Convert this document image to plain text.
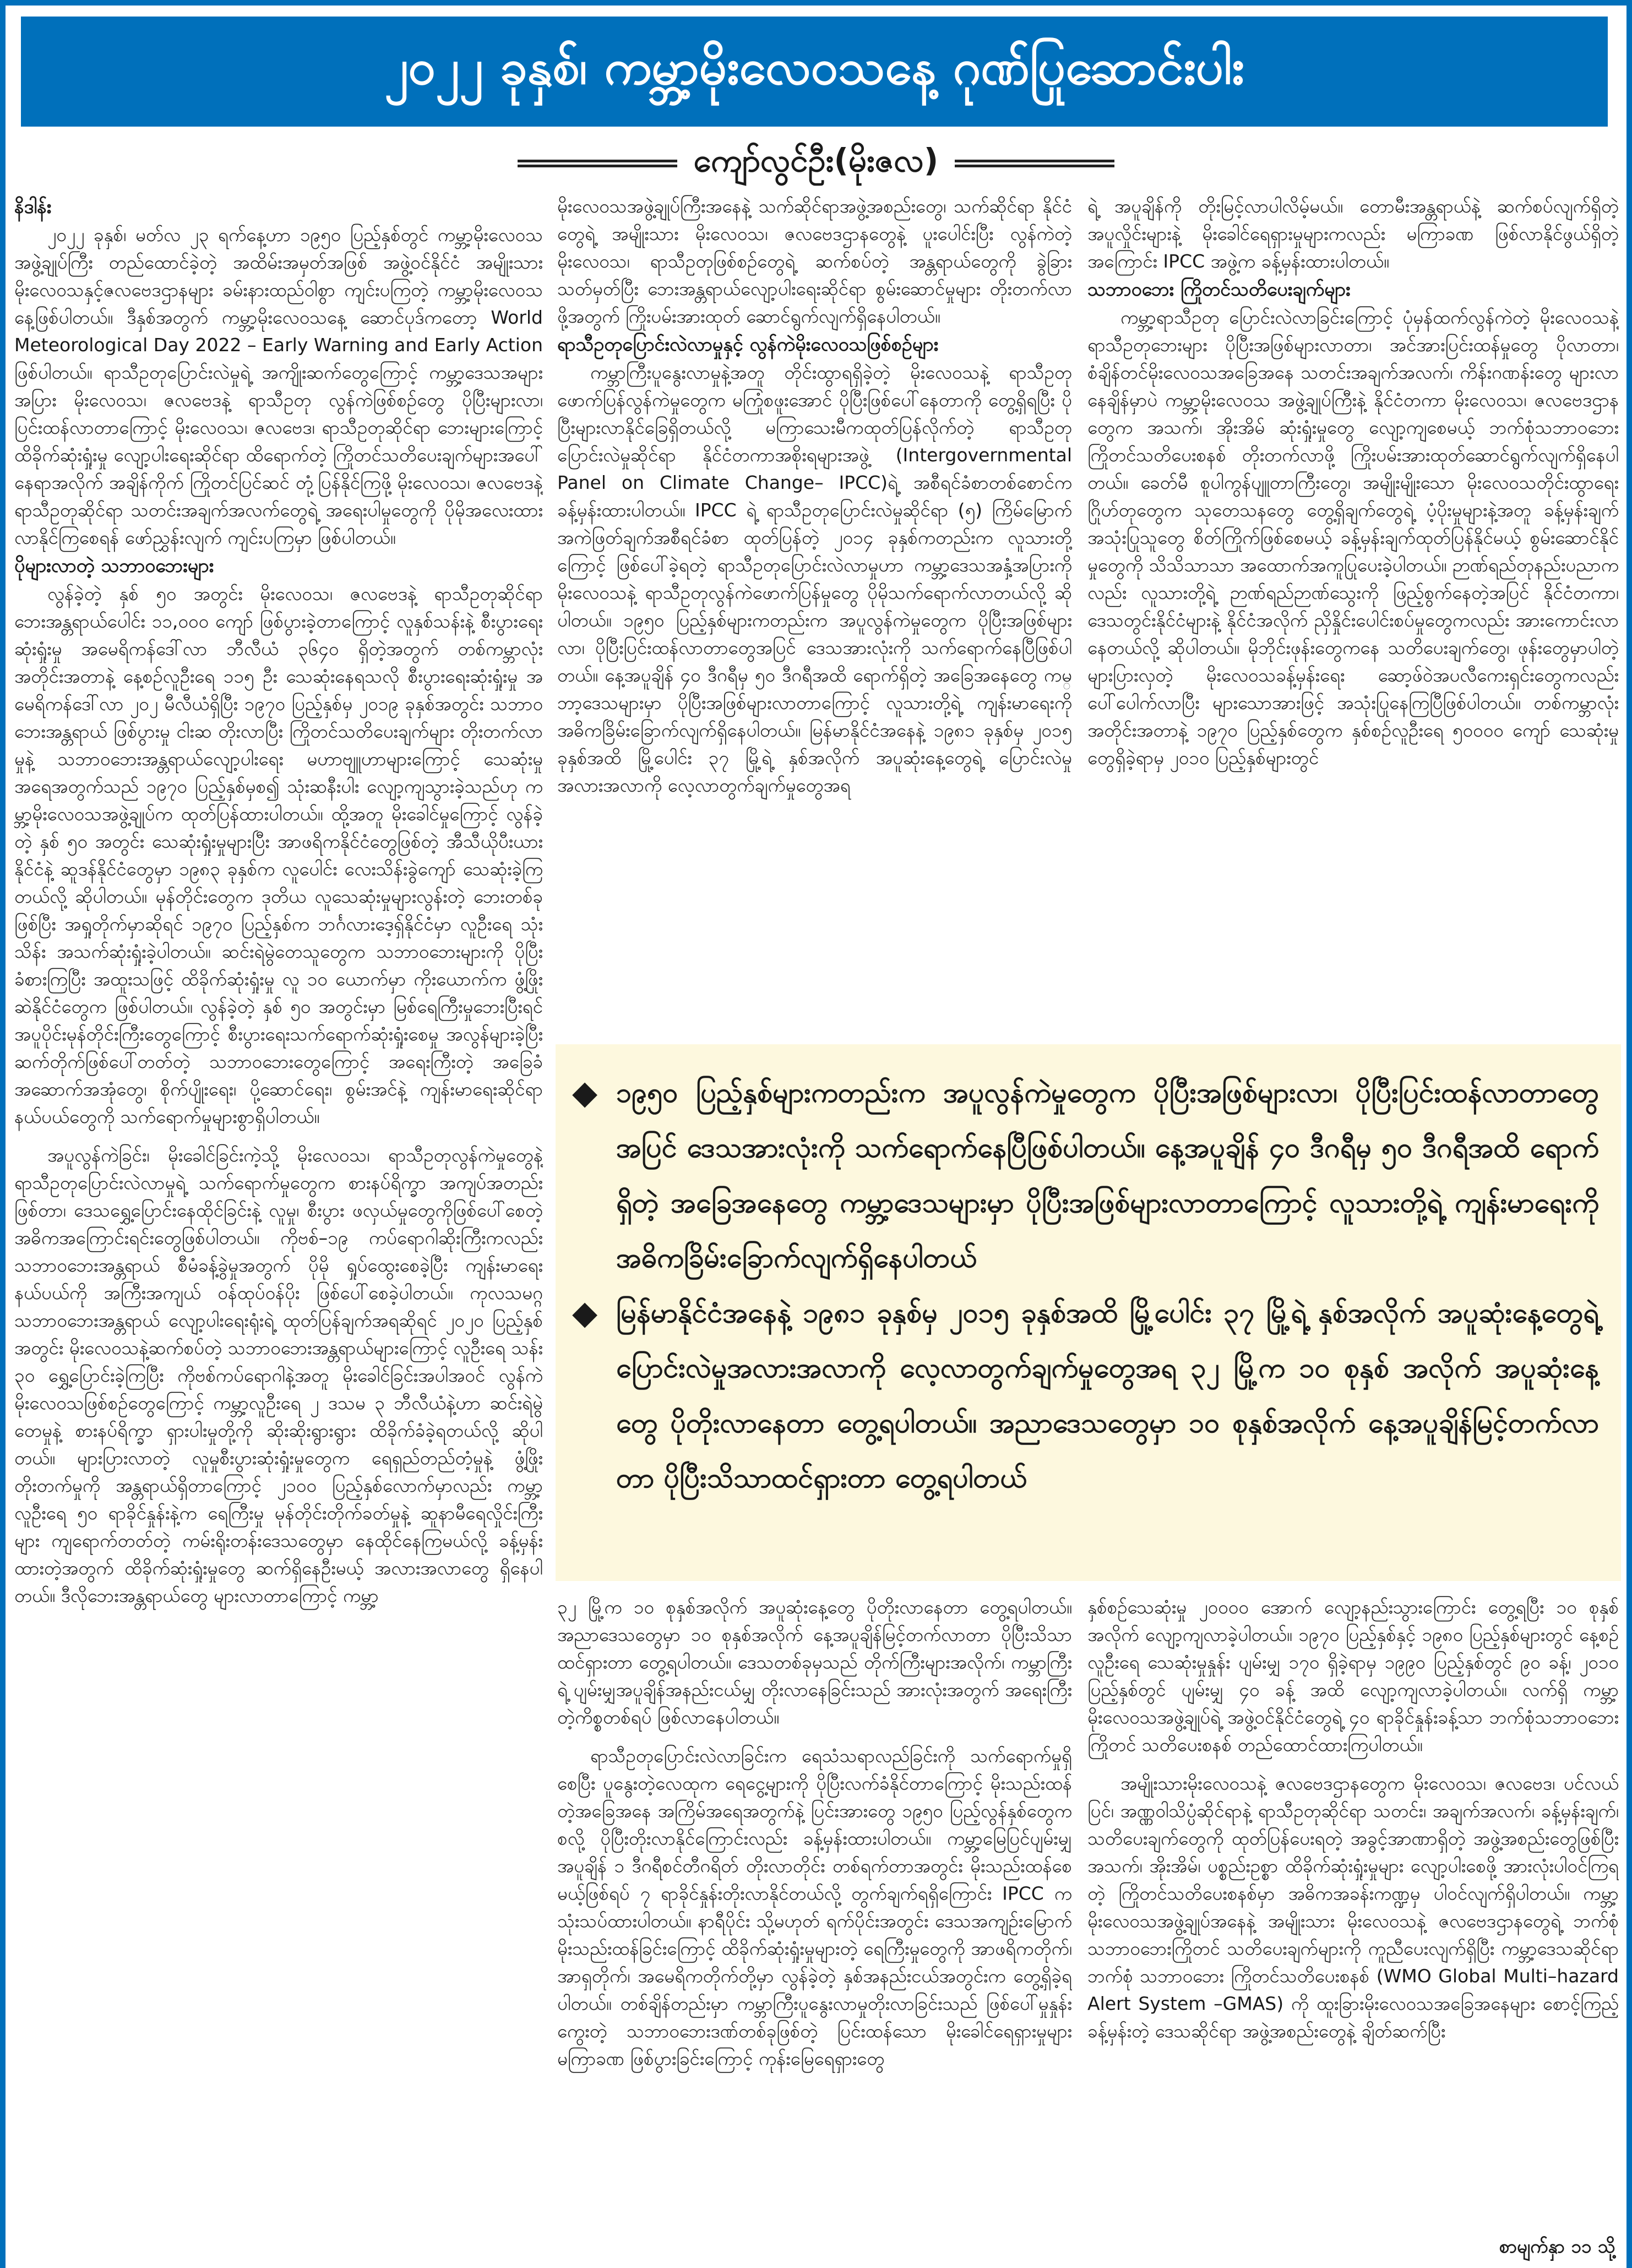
၂၀၂၂ ခုနှစ်၊ ကမ္ဘာ့မိုးလေဝသနေ့ ဂုဏ်ပြုဆောင်းပါး
ကျော်လွင်ဦး(မိုးဇလ)
နိဒါန်း

၂၀၂၂ ခုနှစ်၊ မတ်လ ၂၃ ရက်နေ့ဟာ ၁၉၅၀ ပြည့်နှစ်တွင် ကမ္ဘာ့မိုးလေဝသအဖွဲ့ချုပ်ကြီး တည်ထောင်ခဲ့တဲ့ အထိမ်းအမှတ်အဖြစ် အဖွဲ့ဝင်နိုင်ငံ အမျိုးသားမိုးလေဝသနှင့်ဇလဗေဒဌာနများ ခမ်းနားထည်ဝါစွာ ကျင်းပကြတဲ့ ကမ္ဘာ့မိုးလေဝသနေ့ဖြစ်ပါတယ်။ ဒီနှစ်အတွက် ကမ္ဘာ့မိုးလေဝသနေ့ ဆောင်ပုဒ်ကတော့ World Meteorological Day 2022 – Early Warning and Early Action ဖြစ်ပါတယ်။ ရာသီဥတုပြောင်းလဲမှုရဲ့ အကျိုးဆက်တွေကြောင့် ကမ္ဘာ့ဒေသအများအပြား မိုးလေဝသ၊ ဇလဗေဒနဲ့ ရာသီဥတု လွန်ကဲဖြစ်စဉ်တွေ ပိုပြီးများလာ၊ ပြင်းထန်လာတာကြောင့် မိုးလေဝသ၊ ဇလဗေဒ၊ ရာသီဥတုဆိုင်ရာ ဘေးများကြောင့် ထိခိုက်ဆုံးရှုံးမှု လျော့ပါးရေးဆိုင်ရာ ထိရောက်တဲ့ ကြိုတင်သတိပေးချက်များအပေါ် နေရာအလိုက် အချိန်ကိုက် ကြိုတင်ပြင်ဆင် တုံ့ပြန်နိုင်ကြဖို့ မိုးလေဝသ၊ ဇလဗေဒနဲ့ ရာသီဥတုဆိုင်ရာ သတင်းအချက်အလက်တွေရဲ့ အရေးပါမှုတွေကို ပိုမိုအလေးထားလာနိုင်ကြစေရန် ဖော်ညွှန်းလျက် ကျင်းပကြမှာ ဖြစ်ပါတယ်။

ပိုများလာတဲ့ သဘာဝဘေးများ

လွန်ခဲ့တဲ့ နှစ် ၅၀ အတွင်း မိုးလေဝသ၊ ဇလဗေဒနဲ့ ရာသီဥတုဆိုင်ရာ ဘေးအန္တရာယ်ပေါင်း ၁၁,၀၀၀ ကျော် ဖြစ်ပွားခဲ့တာကြောင့် လူနှစ်သန်းနဲ့ စီးပွားရေးဆုံးရှုံးမှု အမေရိကန်ဒေါ်လာ ဘီလီယံ ၃၆၄၀ ရှိတဲ့အတွက် တစ်ကမ္ဘာလုံးအတိုင်းအတာနဲ့ နေ့စဉ်လူဦးရေ ၁၁၅ ဦး သေဆုံးနေရသလို စီးပွားရေးဆုံးရှုံးမှု အမေရိကန်ဒေါ်လာ ၂၀၂ မီလီယံရှိပြီး ၁၉၇၀ ပြည့်နှစ်မှ ၂၀၁၉ ခုနှစ်အတွင်း သဘာဝဘေးအန္တရာယ် ဖြစ်ပွားမှု ငါးဆ တိုးလာပြီး ကြိုတင်သတိပေးချက်များ တိုးတက်လာမှုနဲ့ သဘာဝဘေးအန္တရာယ်လျော့ပါးရေး မဟာဗျူဟာများကြောင့် သေဆုံးမှုအရေအတွက်သည် ၁၉၇၀ ပြည့်နှစ်မှစ၍ သုံးဆနီးပါး လျော့ကျသွားခဲ့သည်ဟု ကမ္ဘာ့မိုးလေဝသအဖွဲ့ချုပ်က ထုတ်ပြန်ထားပါတယ်။ ထို့အတူ မိုးခေါင်မှုကြောင့် လွန်ခဲ့တဲ့ နှစ် ၅၀ အတွင်း သေဆုံးရှုံးမှုများပြီး အာဖရိကနိုင်ငံတွေဖြစ်တဲ့ အီသီယိုပီးယားနိုင်ငံနဲ့ ဆူဒန်နိုင်ငံတွေမှာ ၁၉၈၃ ခုနှစ်က လူပေါင်း လေးသိန်းခွဲကျော် သေဆုံးခဲ့ကြတယ်လို့ ဆိုပါတယ်။ မုန်တိုင်းတွေက ဒုတိယ လူသေဆုံးမှုများလွန်းတဲ့ ဘေးတစ်ခုဖြစ်ပြီး အရှုတိုက်မှာဆိုရင် ၁၉၇၀ ပြည့်နှစ်က ဘင်္ဂလားဒေ့ရှ်နိုင်ငံမှာ လူဦးရေ သုံးသိန်း အသက်ဆုံးရှုံးခဲ့ပါတယ်။ ဆင်းရဲမွဲတေသူတွေက သဘာဝဘေးများကို ပိုပြီးခံစားကြပြီး အထူးသဖြင့် ထိခိုက်ဆုံးရှုံးမှု လူ ၁၀ ယောက်မှာ ကိုးယောက်က ဖွံ့ဖြိုးဆဲနိုင်ငံတွေက ဖြစ်ပါတယ်။ လွန်ခဲ့တဲ့ နှစ် ၅၀ အတွင်းမှာ မြစ်ရေကြီးမှုဘေးပြီးရင် အပူပိုင်းမုန်တိုင်းကြီးတွေကြောင့် စီးပွားရေးသက်ရောက်ဆုံးရှုံးစေမှု အလွန်များခဲ့ပြီး ဆက်တိုက်ဖြစ်ပေါ်တတ်တဲ့ သဘာဝဘေးတွေကြောင့် အရေးကြီးတဲ့ အခြေခံအဆောက်အအုံတွေ၊ စိုက်ပျိုးရေး၊ ပို့ဆောင်ရေး၊ စွမ်းအင်နဲ့ ကျန်းမာရေးဆိုင်ရာနယ်ပယ်တွေကို သက်ရောက်မှုများစွာရှိပါတယ်။

အပူလွန်ကဲခြင်း၊ မိုးခေါင်ခြင်းကဲ့သို့ မိုးလေဝသ၊ ရာသီဥတုလွန်ကဲမှုတွေနဲ့ ရာသီဥတုပြောင်းလဲလာမှုရဲ့ သက်ရောက်မှုတွေက စားနပ်ရိက္ခာ အကျပ်အတည်းဖြစ်တာ၊ ဒေသရွှေ့ပြောင်းနေထိုင်ခြင်းနဲ့ လူမှု၊ စီးပွား ဖလှယ်မှုတွေကိုဖြစ်ပေါ်စေတဲ့ အဓိကအကြောင်းရင်းတွေဖြစ်ပါတယ်။ ကိုဗစ်–၁၉ ကပ်ရောဂါဆိုးကြီးကလည်း သဘာဝဘေးအန္တရာယ် စီမံခန့်ခွဲမှုအတွက် ပိုမို ရှုပ်ထွေးစေခဲ့ပြီး ကျန်းမာရေးနယ်ပယ်ကို အကြီးအကျယ် ဝန်ထုပ်ဝန်ပိုး ဖြစ်ပေါ်စေခဲ့ပါတယ်။ ကုလသမဂ္ဂ သဘာဝဘေးအန္တရာယ် လျော့ပါးရေးရုံးရဲ့ ထုတ်ပြန်ချက်အရဆိုရင် ၂၀၂၀ ပြည့်နှစ်အတွင်း မိုးလေဝသနဲ့ဆက်စပ်တဲ့ သဘာဝဘေးအန္တရာယ်များကြောင့် လူဦးရေ သန်း ၃၀ ရွှေ့ပြောင်းခဲ့ကြပြီး ကိုဗစ်ကပ်ရောဂါနဲ့အတူ မိုးခေါင်ခြင်းအပါအဝင် လွန်ကဲမိုးလေဝသဖြစ်စဉ်တွေကြောင့် ကမ္ဘာ့လူဦးရေ ၂ ဒသမ ၃ ဘီလီယံနဲ့ဟာ ဆင်းရဲမွဲတေမှုနဲ့ စားနပ်ရိက္ခာ ရှားပါးမှုတို့ကို ဆိုးဆိုးရွားရွား ထိခိုက်ခံခဲ့ရတယ်လို့ ဆိုပါတယ်။ များပြားလာတဲ့ လူမှုစီးပွားဆုံးရှုံးမှုတွေက ရေရှည်တည်တံ့မှုနဲ့ ဖွံ့ဖြိုးတိုးတက်မှုကို အန္တရာယ်ရှိတာကြောင့် ၂၁၀၀ ပြည့်နှစ်လောက်မှာလည်း ကမ္ဘာ့လူဦးရေ ၅၀ ရာခိုင်နှုန်းနဲ့က ရေကြီးမှု မုန်တိုင်းတိုက်ခတ်မှုနဲ့ ဆူနာမီရေလှိုင်းကြီးများ ကျရောက်တတ်တဲ့ ကမ်းရိုးတန်းဒေသတွေမှာ နေထိုင်နေကြမယ်လို့ ခန့်မှန်းထားတဲ့အတွက် ထိခိုက်ဆုံးရှုံးမှုတွေ ဆက်ရှိနေဦးမယ့် အလားအလာတွေ ရှိနေပါတယ်။ ဒီလိုဘေးအန္တရာယ်တွေ များလာတာကြောင့် ကမ္ဘာ့

မိုးလေဝသအဖွဲ့ချုပ်ကြီးအနေနဲ့ သက်ဆိုင်ရာအဖွဲ့အစည်းတွေ၊ သက်ဆိုင်ရာ နိုင်ငံတွေရဲ့ အမျိုးသား မိုးလေဝသ၊ ဇလဗေဒဌာနတွေနဲ့ ပူးပေါင်းပြီး လွန်ကဲတဲ့ မိုးလေဝသ၊ ရာသီဥတုဖြစ်စဉ်တွေရဲ့ ဆက်စပ်တဲ့ အန္တရာယ်တွေကို ခွဲခြားသတ်မှတ်ပြီး ဘေးအန္တရာယ်လျော့ပါးရေးဆိုင်ရာ စွမ်းဆောင်မှုများ တိုးတက်လာဖို့အတွက် ကြိုးပမ်းအားထုတ် ဆောင်ရွက်လျက်ရှိနေပါတယ်။

ရာသီဥတုပြောင်းလဲလာမှုနှင့် လွန်ကဲမိုးလေဝသဖြစ်စဉ်များ

ကမ္ဘာကြီးပူနွေးလာမှုနဲ့အတူ တိုင်းထွာရရှိခဲ့တဲ့ မိုးလေဝသနဲ့ ရာသီဥတုဖောက်ပြန်လွန်ကဲမှုတွေက မကြုံစဖူးအောင် ပိုပြီးဖြစ်ပေါ်နေတာကို တွေ့ရှိရပြီး ပိုပြီးများလာနိုင်ခြေရှိတယ်လို့ မကြာသေးမီကထုတ်ပြန်လိုက်တဲ့ ရာသီဥတုပြောင်းလဲမှုဆိုင်ရာ နိုင်ငံတကာအစိုးရများအဖွဲ့ (Intergovernmental Panel on Climate Change– IPCC)ရဲ့ အစီရင်ခံစာတစ်စောင်က ခန့်မှန်းထားပါတယ်။ IPCC ရဲ့ ရာသီဥတုပြောင်းလဲမှုဆိုင်ရာ (၅) ကြိမ်မြောက် အကဲဖြတ်ချက်အစီရင်ခံစာ ထုတ်ပြန်တဲ့ ၂၀၁၄ ခုနှစ်ကတည်းက လူသားတို့ကြောင့် ဖြစ်ပေါ်ခဲ့ရတဲ့ ရာသီဥတုပြောင်းလဲလာမှုဟာ ကမ္ဘာ့ဒေသအနှံ့အပြားကို မိုးလေဝသနဲ့ ရာသီဥတုလွန်ကဲဖောက်ပြန်မှုတွေ ပိုမိုသက်ရောက်လာတယ်လို့ ဆိုပါတယ်။ ၁၉၅၀ ပြည့်နှစ်များကတည်းက အပူလွန်ကဲမှုတွေက ပိုပြီးအဖြစ်များလာ၊ ပိုပြီးပြင်းထန်လာတာတွေအပြင် ဒေသအားလုံးကို သက်ရောက်နေပြီဖြစ်ပါတယ်။ နေ့အပူချိန် ၄၀ ဒီဂရီမှ ၅၀ ဒီဂရီအထိ ရောက်ရှိတဲ့ အခြေအနေတွေ ကမ္ဘာ့ဒေသများမှာ ပိုပြီးအဖြစ်များလာတာကြောင့် လူသားတို့ရဲ့ ကျန်းမာရေးကို အဓိကခြိမ်းခြောက်လျက်ရှိနေပါတယ်။ မြန်မာနိုင်ငံအနေနဲ့ ၁၉၈၁ ခုနှစ်မှ ၂၀၁၅ ခုနှစ်အထိ မြို့ပေါင်း ၃၇ မြို့ရဲ့ နှစ်အလိုက် အပူဆုံးနေ့တွေရဲ့ ပြောင်းလဲမှုအလားအလာကို လေ့လာတွက်ချက်မှုတွေအရ

ရဲ့ အပူချိန်ကို တိုးမြင့်လာပါလိမ့်မယ်။ တောမီးအန္တရာယ်နဲ့ ဆက်စပ်လျက်ရှိတဲ့ အပူလှိုင်းများနဲ့ မိုးခေါင်ရေရှားမှုများကလည်း မကြာခဏ ဖြစ်လာနိုင်ဖွယ်ရှိတဲ့အကြောင်း IPCC အဖွဲ့က ခန့်မှန်းထားပါတယ်။

သဘာဝဘေး ကြိုတင်သတိပေးချက်များ

ကမ္ဘာ့ရာသီဥတု ပြောင်းလဲလာခြင်းကြောင့် ပုံမှန်ထက်လွန်ကဲတဲ့ မိုးလေဝသနဲ့ ရာသီဥတုဘေးများ ပိုပြီးအဖြစ်များလာတာ၊ အင်အားပြင်းထန်မှုတွေ ပိုလာတာ၊ စံချိန်တင်မိုးလေဝသအခြေအနေ သတင်းအချက်အလက်၊ ကိန်းဂဏန်းတွေ များလာနေချိန်မှာပဲ ကမ္ဘာ့မိုးလေဝသ အဖွဲ့ချုပ်ကြီးနဲ့ နိုင်ငံတကာ မိုးလေဝသ၊ ဇလဗေဒဌာနတွေက အသက်၊ အိုးအိမ် ဆုံးရှုံးမှုတွေ လျော့ကျစေမယ့် ဘက်စုံသဘာဝဘေး ကြိုတင်သတိပေးစနစ် တိုးတက်လာဖို့ ကြိုးပမ်းအားထုတ်ဆောင်ရွက်လျက်ရှိနေပါတယ်။ ခေတ်မီ စူပါကွန်ပျူတာကြီးတွေ၊ အမျိုးမျိုးသော မိုးလေဝသတိုင်းထွာရေးဂြိုဟ်တုတွေက သုတေသနတွေ တွေ့ရှိချက်တွေရဲ့ ပံ့ပိုးမှုများနဲ့အတူ ခန့်မှန်းချက်အသုံးပြုသူတွေ စိတ်ကြိုက်ဖြစ်စေမယ့် ခန့်မှန်းချက်ထုတ်ပြန်နိုင်မယ့် စွမ်းဆောင်နိုင်မှုတွေကို သိသိသာသာ အထောက်အကူပြုပေးခဲ့ပါတယ်။ ဉာဏ်ရည်တုနည်းပညာကလည်း လူသားတို့ရဲ့ ဉာဏ်ရည်ဉာဏ်သွေးကို ဖြည့်စွက်နေတဲ့အပြင် နိုင်ငံတကာ၊ ဒေသတွင်းနိုင်ငံများနဲ့ နိုင်ငံအလိုက် ညှိနှိုင်းပေါင်းစပ်မှုတွေကလည်း အားကောင်းလာနေတယ်လို့ ဆိုပါတယ်။ မိုဘိုင်းဖုန်းတွေကနေ သတိပေးချက်တွေ၊ ဖုန်းတွေမှာပါတဲ့ များပြားလှတဲ့ မိုးလေဝသခန့်မှန်းရေး ဆော့ဖ်ဝဲအပလီကေးရှင်းတွေကလည်း ပေါ်ပေါက်လာပြီး များသောအားဖြင့် အသုံးပြုနေကြပြီဖြစ်ပါတယ်။ တစ်ကမ္ဘာလုံး အတိုင်းအတာနဲ့ ၁၉၇၀ ပြည့်နှစ်တွေက နှစ်စဉ်လူဦးရေ ၅၀၀၀၀ ကျော် သေဆုံးမှုတွေရှိခဲ့ရာမှ ၂၀၁၀ ပြည့်နှစ်များတွင်

◆ ၁၉၅၀ ပြည့်နှစ်များကတည်းက အပူလွန်ကဲမှုတွေက ပိုပြီးအဖြစ်များလာ၊ ပိုပြီးပြင်းထန်လာတာတွေ အပြင် ဒေသအားလုံးကို သက်ရောက်နေပြီဖြစ်ပါတယ်။ နေ့အပူချိန် ၄၀ ဒီဂရီမှ ၅၀ ဒီဂရီအထိ ရောက်ရှိတဲ့ အခြေအနေတွေ ကမ္ဘာ့ဒေသများမှာ ပိုပြီးအဖြစ်များလာတာကြောင့် လူသားတို့ရဲ့ ကျန်းမာရေးကို အဓိကခြိမ်းခြောက်လျက်ရှိနေပါတယ်
◆ မြန်မာနိုင်ငံအနေနဲ့ ၁၉၈၁ ခုနှစ်မှ ၂၀၁၅ ခုနှစ်အထိ မြို့ပေါင်း ၃၇ မြို့ရဲ့ နှစ်အလိုက် အပူဆုံးနေ့တွေရဲ့ ပြောင်းလဲမှုအလားအလာကို လေ့လာတွက်ချက်မှုတွေအရ ၃၂ မြို့က ၁၀ စုနှစ် အလိုက် အပူဆုံးနေ့တွေ ပိုတိုးလာနေတာ တွေ့ရပါတယ်။ အညာဒေသတွေမှာ ၁၀ စုနှစ်အလိုက် နေ့အပူချိန်မြင့်တက်လာတာ ပိုပြီးသိသာထင်ရှားတာ တွေ့ရပါတယ်

၃၂ မြို့က ၁၀ စုနှစ်အလိုက် အပူဆုံးနေ့တွေ ပိုတိုးလာနေတာ တွေ့ရပါတယ်။ အညာဒေသတွေမှာ ၁၀ စုနှစ်အလိုက် နေ့အပူချိန်မြင့်တက်လာတာ ပိုပြီးသိသာထင်ရှားတာ တွေ့ရပါတယ်။ ဒေသတစ်ခုမှသည် တိုက်ကြီးများအလိုက်၊ ကမ္ဘာကြီးရဲ့ ပျမ်းမျှအပူချိန်အနည်းငယ်မျှ တိုးလာနေခြင်းသည် အားလုံးအတွက် အရေးကြီးတဲ့ကိစ္စတစ်ရပ် ဖြစ်လာနေပါတယ်။

ရာသီဥတုပြောင်းလဲလာခြင်းက ရေသံသရာလည်ခြင်းကို သက်ရောက်မှုရှိစေပြီး ပူနွေးတဲ့လေထုက ရေငွေ့များကို ပိုပြီးလက်ခံနိုင်တာကြောင့် မိုးသည်းထန်တဲ့အခြေအနေ အကြိမ်အရေအတွက်နဲ့ ပြင်းအားတွေ ၁၉၅၀ ပြည့်လွန်နှစ်တွေကစလို့ ပိုပြီးတိုးလာနိုင်ကြောင်းလည်း ခန့်မှန်းထားပါတယ်။ ကမ္ဘာ့မြေပြင်ပျမ်းမျှအပူချိန် ၁ ဒီဂရီစင်တီဂရိတ် တိုးလာတိုင်း တစ်ရက်တာအတွင်း မိုးသည်းထန်စေမယ့်ဖြစ်ရပ် ၇ ရာခိုင်နှုန်းတိုးလာနိုင်တယ်လို့ တွက်ချက်ရရှိကြောင်း IPCC က သုံးသပ်ထားပါတယ်။ နာရီပိုင်း သို့မဟုတ် ရက်ပိုင်းအတွင်း ဒေသအကျဉ်းမြောက် မိုးသည်းထန်ခြင်းကြောင့် ထိခိုက်ဆုံးရှုံးမှုများတဲ့ ရေကြီးမှုတွေကို အာဖရိကတိုက်၊ အာရှတိုက်၊ အမေရိကတိုက်တို့မှာ လွန်ခဲ့တဲ့ နှစ်အနည်းငယ်အတွင်းက တွေ့ရှိခဲ့ရပါတယ်။ တစ်ချိန်တည်းမှာ ကမ္ဘာကြီးပူနွေးလာမှုတိုးလာခြင်းသည် ဖြစ်ပေါ်မှုနှုန်းကွေးတဲ့ သဘာဝဘေးဒဏ်တစ်ခုဖြစ်တဲ့ ပြင်းထန်သော မိုးခေါင်ရေရှားမှုများ မကြာခဏ ဖြစ်ပွားခြင်းကြောင့် ကုန်းမြေရေရှားတွေ

နှစ်စဉ်သေဆုံးမှု ၂၀၀၀၀ အောက် လျော့နည်းသွားကြောင်း တွေ့ရပြီး ၁၀ စုနှစ်အလိုက် လျော့ကျလာခဲ့ပါတယ်။ ၁၉၇၀ ပြည့်နှစ်နှင့် ၁၉၈၀ ပြည့်နှစ်များတွင် နေ့စဉ်လူဦးရေ သေဆုံးမှုနှုန်း ပျမ်းမျှ ၁၇၀ ရှိခဲ့ရာမှ ၁၉၉၀ ပြည့်နှစ်တွင် ၉၀ ခန့်၊ ၂၀၁၀ ပြည့်နှစ်တွင် ပျမ်းမျှ ၄၀ ခန့် အထိ လျော့ကျလာခဲ့ပါတယ်။ လက်ရှိ ကမ္ဘာ့မိုးလေဝသအဖွဲ့ချုပ်ရဲ့ အဖွဲ့ဝင်နိုင်ငံတွေရဲ့ ၄၀ ရာခိုင်နှုန်းခန့်သာ ဘက်စုံသဘာဝဘေးကြိုတင် သတိပေးစနစ် တည်ထောင်ထားကြပါတယ်။

အမျိုးသားမိုးလေဝသနဲ့ ဇလဗေဒဌာနတွေက မိုးလေဝသ၊ ဇလဗေဒ၊ ပင်လယ်ပြင်၊ အဏ္ဏဝါသိပ္ပံဆိုင်ရာနဲ့ ရာသီဥတုဆိုင်ရာ သတင်း၊ အချက်အလက်၊ ခန့်မှန်းချက်၊ သတိပေးချက်တွေကို ထုတ်ပြန်ပေးရတဲ့ အခွင့်အာဏာရှိတဲ့ အဖွဲ့အစည်းတွေဖြစ်ပြီး အသက်၊ အိုးအိမ်၊ ပစ္စည်းဥစ္စာ ထိခိုက်ဆုံးရှုံးမှုများ လျော့ပါးစေဖို့ အားလုံးပါဝင်ကြရတဲ့ ကြိုတင်သတိပေးစနစ်မှာ အဓိကအခန်းကဏ္ဍမှ ပါဝင်လျက်ရှိပါတယ်။ ကမ္ဘာ့မိုးလေဝသအဖွဲ့ချုပ်အနေနဲ့ အမျိုးသား မိုးလေဝသနဲ့ ဇလဗေဒဌာနတွေရဲ့ ဘက်စုံသဘာဝဘေးကြိုတင် သတိပေးချက်များကို ကူညီပေးလျက်ရှိပြီး ကမ္ဘာ့ဒေသဆိုင်ရာ ဘက်စုံ သဘာဝဘေး ကြိုတင်သတိပေးစနစ် (WMO Global Multi–hazard Alert System –GMAS) ကို ထူးခြားမိုးလေဝသအခြေအနေများ စောင့်ကြည့်ခန့်မှန်းတဲ့ ဒေသဆိုင်ရာ အဖွဲ့အစည်းတွေနဲ့ ချိတ်ဆက်ပြီး

စာမျက်နှာ ၁၁ သို့
